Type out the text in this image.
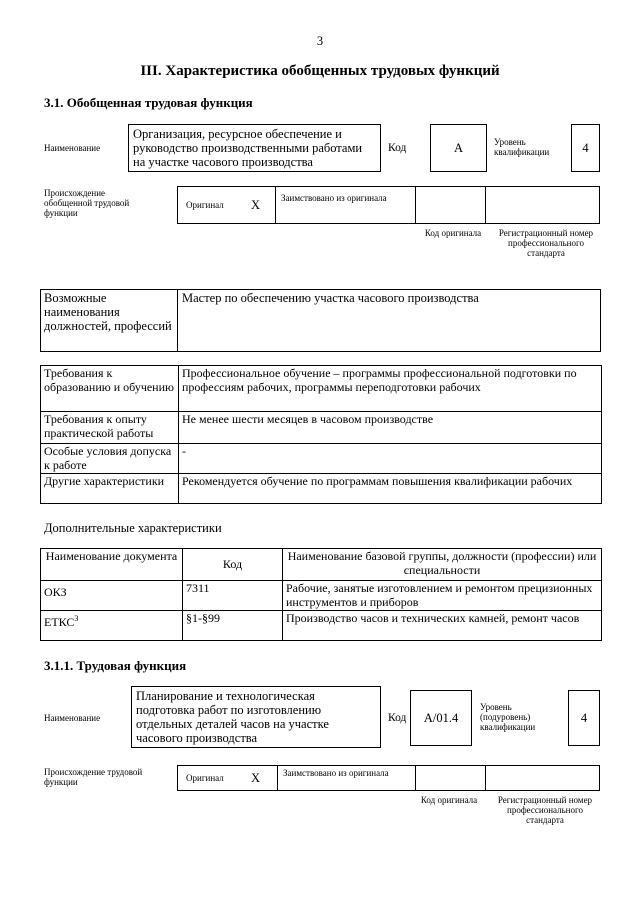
3
III. Характеристика обобщенных трудовых функций
3.1. Обобщенная трудовая функция
Наименование
Организация, ресурсное обеспечение и руководство производственными работами на участке часового производства
Код	A	Уровень квалификации	4
Происхождение обобщенной трудовой функции
Оригинал X Заимствовано из оригинала
Код оригинала	Регистрационный номер профессионального стандарта
Возможные наименования должностей, профессий
Мастер по обеспечению участка часового производства
Требования к образованию и обучению	Профессиональное обучение – программы профессиональной подготовки по профессиям рабочих, программы переподготовки рабочих
Требования к опыту практической работы	Не менее шести месяцев в часовом производстве
Особые условия допуска к работе	-
Другие характеристики	Рекомендуется обучение по программам повышения квалификации рабочих
Дополнительные характеристики
Наименование документа	Код	Наименование базовой группы, должности (профессии) или специальности
ОКЗ	7311	Рабочие, занятые изготовлением и ремонтом прецизионных инструментов и приборов
ЕТКС$^3$	§1-§99	Производство часов и технических камней, ремонт часов
3.1.1. Трудовая функция
Наименование
Планирование и технологическая подготовка работ по изготовлению отдельных деталей часов на участке часового производства
Код	A/01.4
Уровень (подуровень) квалификации
4
Происхождение трудовой функции	Оригинал X	Заимствовано из оригинала
Код оригинала	Регистрационный номер профессионального стандарта
